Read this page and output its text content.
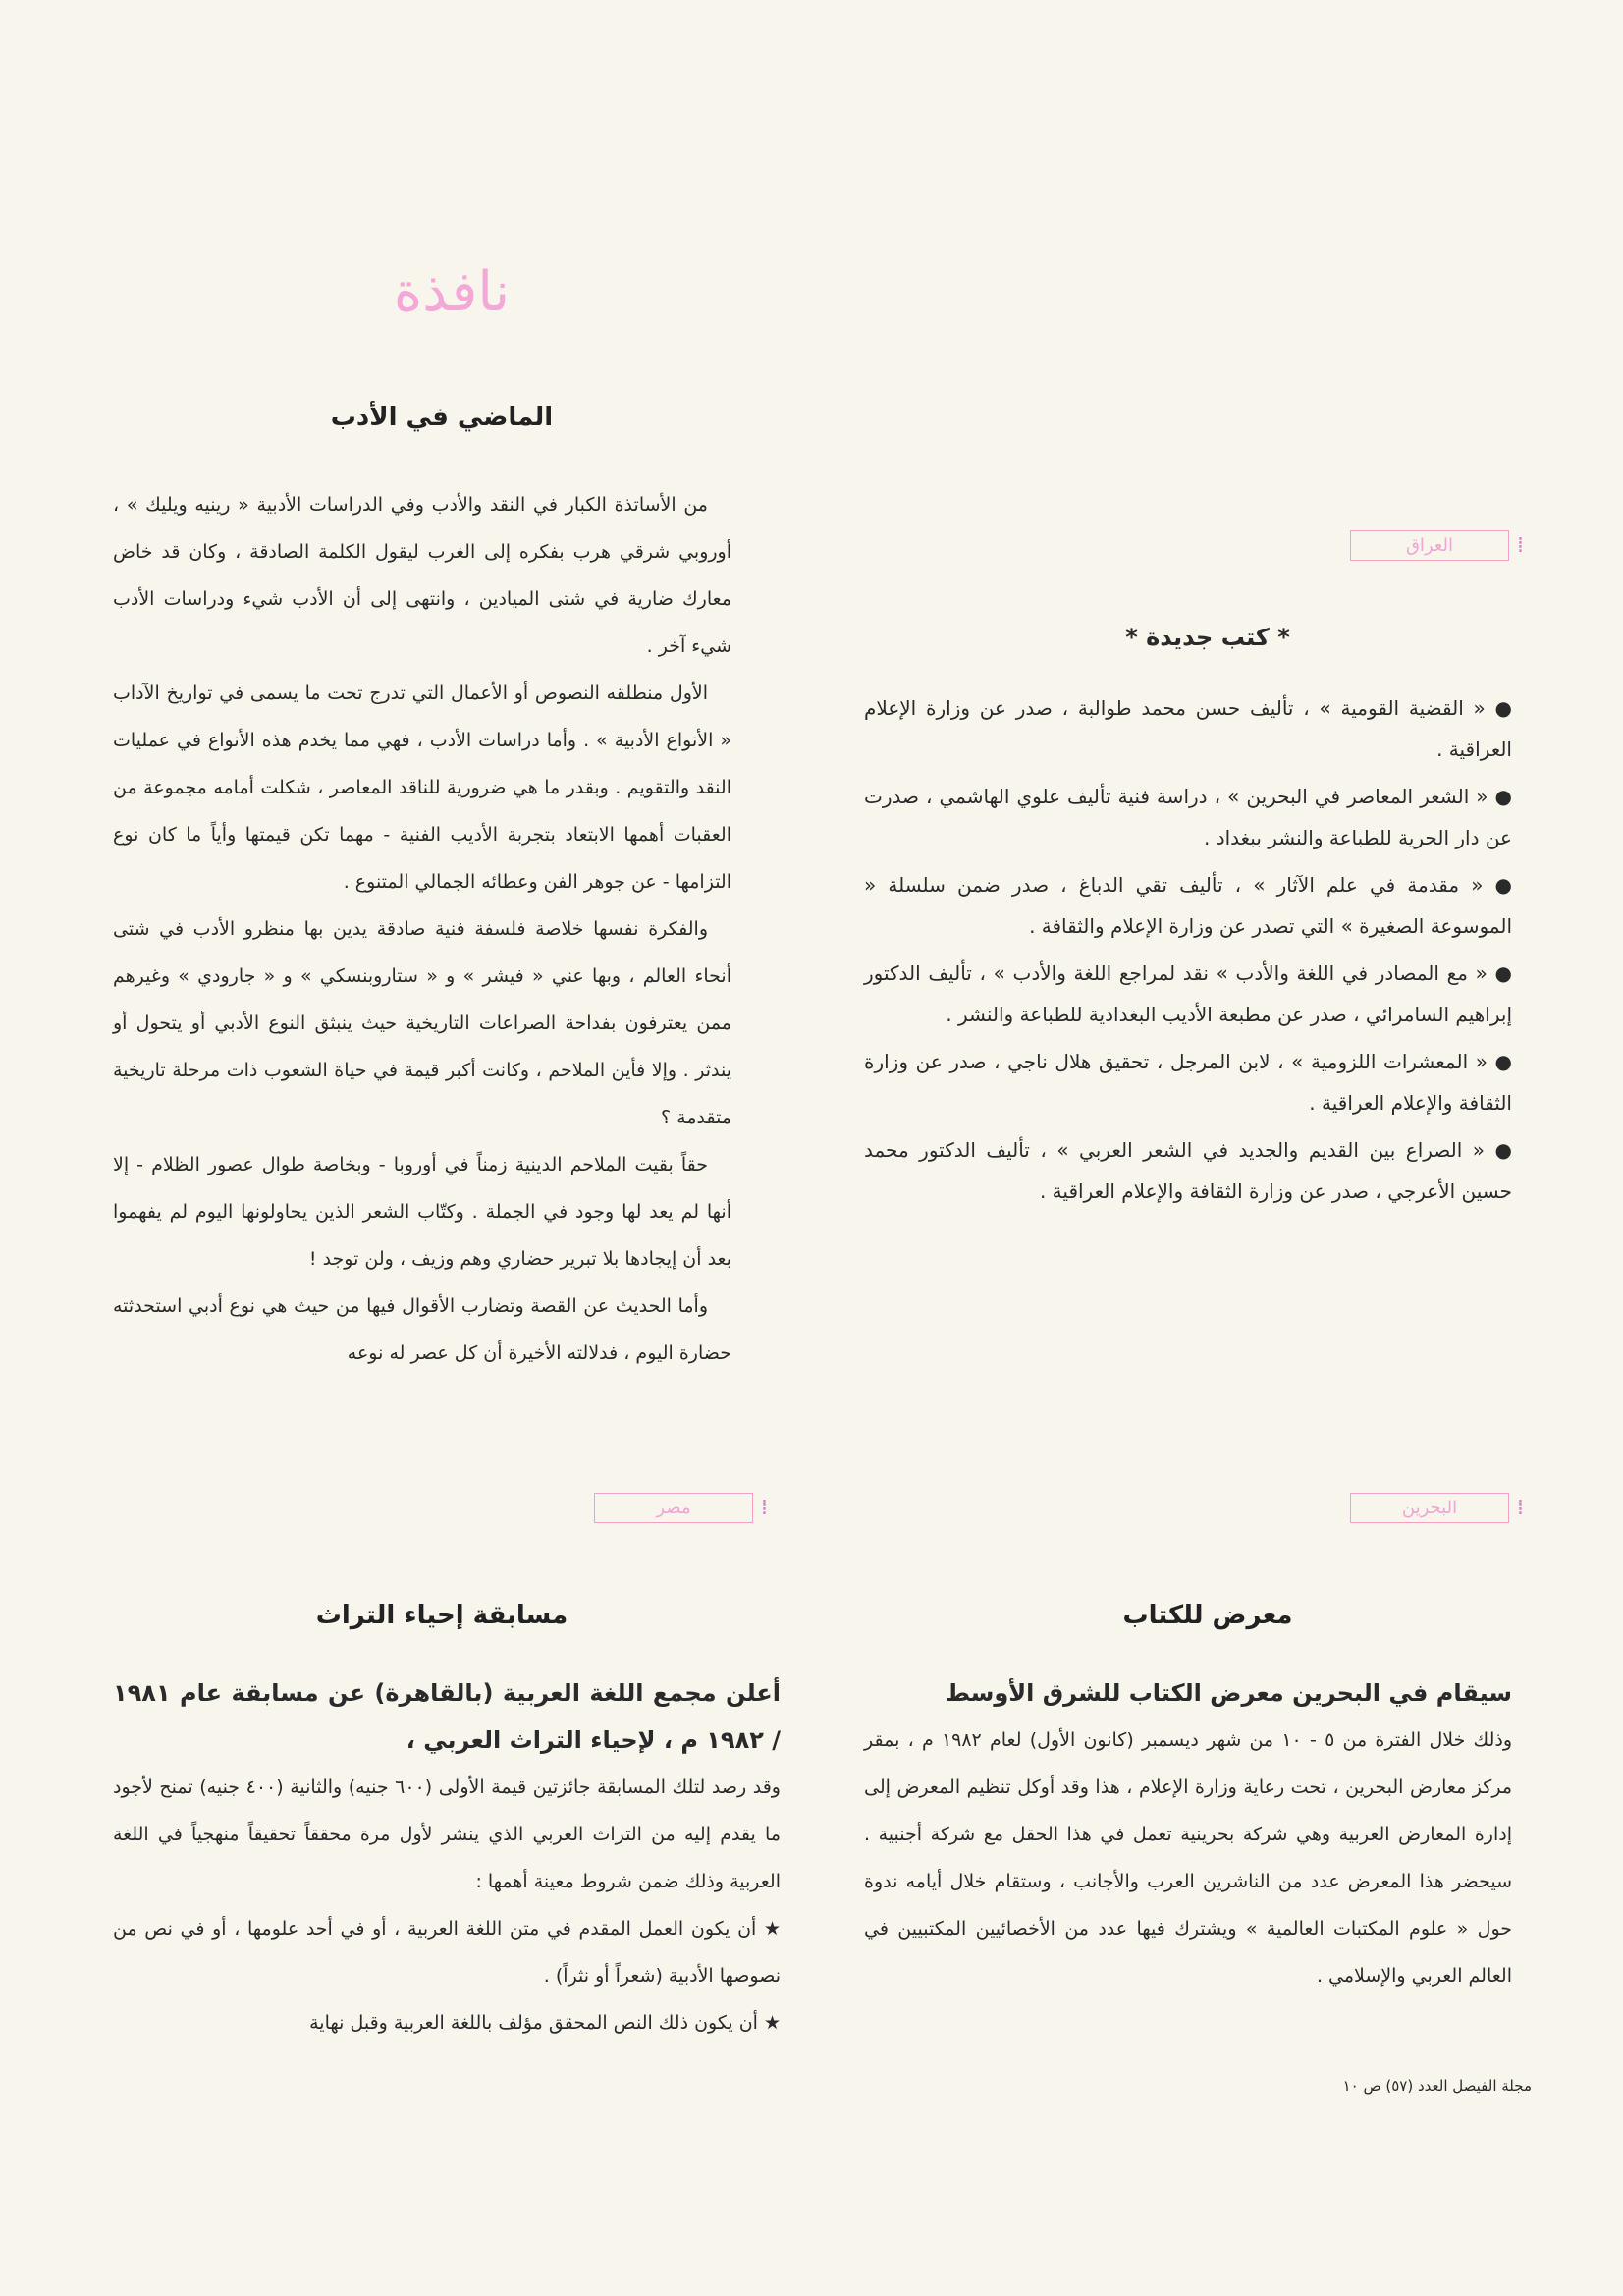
نافذة
الماضي في الأدب

من الأساتذة الكبار في النقد والأدب وفي الدراسات الأدبية « رينيه ويليك » ، أوروبي شرقي هرب بفكره إلى الغرب ليقول الكلمة الصادقة ، وكان قد خاض معارك ضارية في شتى الميادين ، وانتهى إلى أن الأدب شيء ودراسات الأدب شيء آخر .

الأول منطلقه النصوص أو الأعمال التي تدرج تحت ما يسمى في تواريخ الآداب « الأنواع الأدبية » . وأما دراسات الأدب ، فهي مما يخدم هذه الأنواع في عمليات النقد والتقويم . وبقدر ما هي ضرورية للناقد المعاصر ، شكلت أمامه مجموعة من العقبات أهمها الابتعاد بتجربة الأديب الفنية - مهما تكن قيمتها وأياً ما كان نوع التزامها - عن جوهر الفن وعطائه الجمالي المتنوع .

والفكرة نفسها خلاصة فلسفة فنية صادقة يدين بها منظرو الأدب في شتى أنحاء العالم ، وبها عني « فيشر » و « ستاروبنسكي » و « جارودي » وغيرهم ممن يعترفون بفداحة الصراعات التاريخية حيث ينبثق النوع الأدبي أو يتحول أو يندثر . وإلا فأين الملاحم ، وكانت أكبر قيمة في حياة الشعوب ذات مرحلة تاريخية متقدمة ؟

حقاً بقيت الملاحم الدينية زمناً في أوروبا - وبخاصة طوال عصور الظلام - إلا أنها لم يعد لها وجود في الجملة . وكتّاب الشعر الذين يحاولونها اليوم لم يفهموا بعد أن إيجادها بلا تبرير حضاري وهم وزيف ، ولن توجد !

وأما الحديث عن القصة وتضارب الأقوال فيها من حيث هي نوع أدبي استحدثته حضارة اليوم ، فدلالته الأخيرة أن كل عصر له نوعه

⁞
العراق
* كتب جديدة *

● « القضية القومية » ، تأليف حسن محمد طوالبة ، صدر عن وزارة الإعلام العراقية .

● « الشعر المعاصر في البحرين » ، دراسة فنية تأليف علوي الهاشمي ، صدرت عن دار الحرية للطباعة والنشر ببغداد .

● « مقدمة في علم الآثار » ، تأليف تقي الدباغ ، صدر ضمن سلسلة « الموسوعة الصغيرة » التي تصدر عن وزارة الإعلام والثقافة .

● « مع المصادر في اللغة والأدب » نقد لمراجع اللغة والأدب » ، تأليف الدكتور إبراهيم السامرائي ، صدر عن مطبعة الأديب البغدادية للطباعة والنشر .

● « المعشرات اللزومية » ، لابن المرجل ، تحقيق هلال ناجي ، صدر عن وزارة الثقافة والإعلام العراقية .

● « الصراع بين القديم والجديد في الشعر العربي » ، تأليف الدكتور محمد حسين الأعرجي ، صدر عن وزارة الثقافة والإعلام العراقية .

⁞
مصر
مسابقة إحياء التراث

أعلن مجمع اللغة العربية (بالقاهرة) عن مسابقة عام ١٩٨١ / ١٩٨٢ م ، لإحياء التراث العربي ،

وقد رصد لتلك المسابقة جائزتين قيمة الأولى (٦٠٠ جنيه) والثانية (٤٠٠ جنيه) تمنح لأجود ما يقدم إليه من التراث العربي الذي ينشر لأول مرة محققاً تحقيقاً منهجياً في اللغة العربية وذلك ضمن شروط معينة أهمها :

★ أن يكون العمل المقدم في متن اللغة العربية ، أو في أحد علومها ، أو في نص من نصوصها الأدبية (شعراً أو نثراً) .

★ أن يكون ذلك النص المحقق مؤلف باللغة العربية وقبل نهاية

⁞
البحرين
معرض للكتاب

سيقام في البحرين معرض الكتاب للشرق الأوسط

وذلك خلال الفترة من ٥ - ١٠ من شهر ديسمبر (كانون الأول) لعام ١٩٨٢ م ، بمقر مركز معارض البحرين ، تحت رعاية وزارة الإعلام ، هذا وقد أوكل تنظيم المعرض إلى إدارة المعارض العربية وهي شركة بحرينية تعمل في هذا الحقل مع شركة أجنبية . سيحضر هذا المعرض عدد من الناشرين العرب والأجانب ، وستقام خلال أيامه ندوة حول « علوم المكتبات العالمية » ويشترك فيها عدد من الأخصائيين المكتبيين في العالم العربي والإسلامي .

مجلة الفيصل العدد (٥٧) ص ١٠
